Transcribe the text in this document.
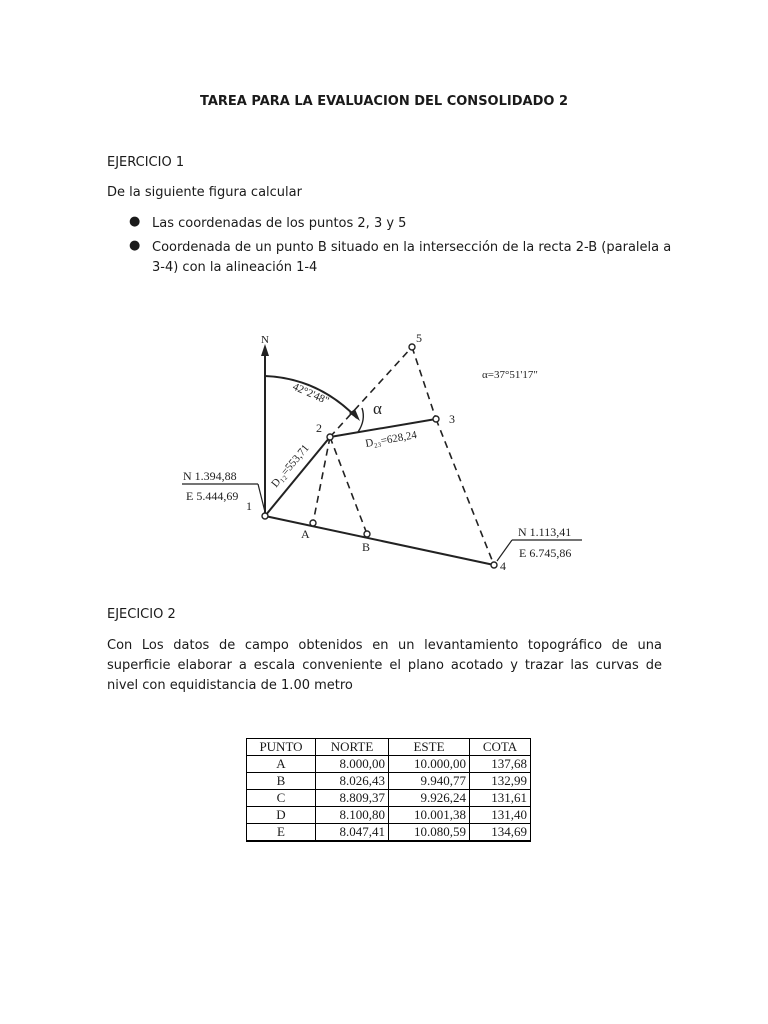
TAREA PARA LA EVALUACION DEL CONSOLIDADO 2
EJERCICIO 1
De la siguiente figura calcular
● Las coordenadas de los puntos 2, 3 y 5
● Coordenada de un punto B situado en la intersección de la recta 2-B (paralela a 3-4) con la alineación 1-4
N
42°2'48"
α
α=37°51'17"
D₁₂=553,71
D₂₃=628,24
2
3
5
1
4
A
B
N 1.394,88
E 5.444,69
N 1.113,41
E 6.745,86
EJECICIO 2
Con Los datos de campo obtenidos en un levantamiento topográfico de una superficie elaborar a escala conveniente el plano acotado y trazar las curvas de nivel con equidistancia de 1.00 metro
PUNTO	NORTE	ESTE	COTA
A	8.000,00	10.000,00	137,68
B	8.026,43	9.940,77	132,99
C	8.809,37	9.926,24	131,61
D	8.100,80	10.001,38	131,40
E	8.047,41	10.080,59	134,69
